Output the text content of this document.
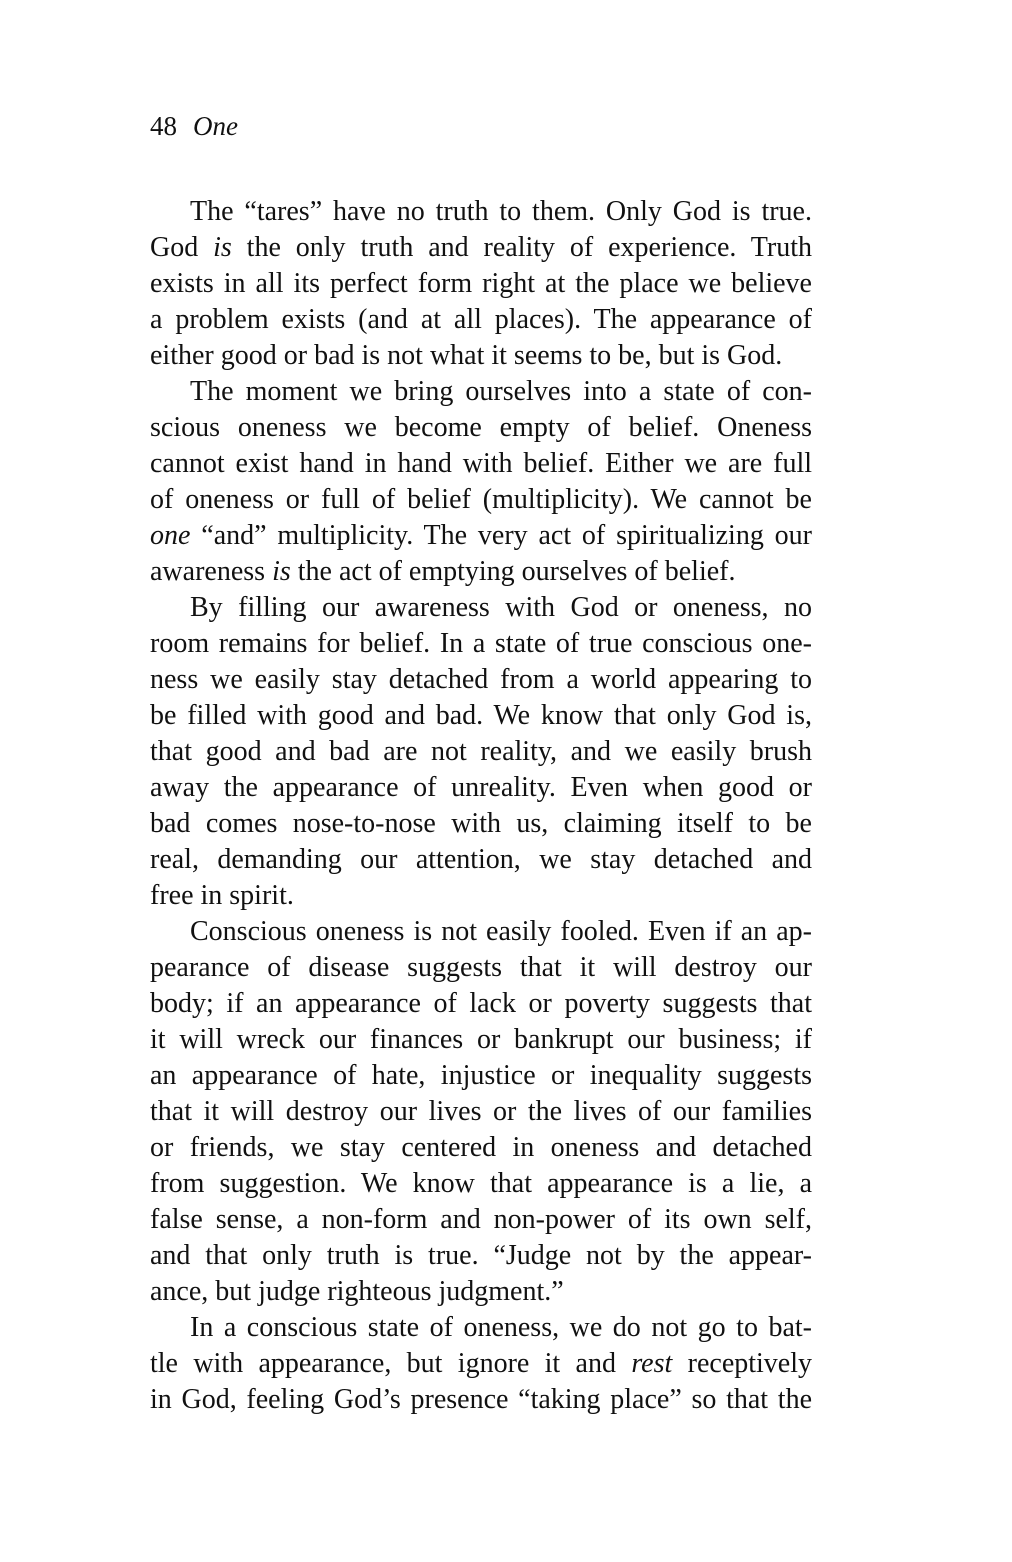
48 One
The “tares” have no truth to them. Only God is true.
God is the only truth and reality of experience. Truth
exists in all its perfect form right at the place we believe
a problem exists (and at all places). The appearance of
either good or bad is not what it seems to be, but is God.
The moment we bring ourselves into a state of con-
scious oneness we become empty of belief. Oneness
cannot exist hand in hand with belief. Either we are full
of oneness or full of belief (multiplicity). We cannot be
one “and” multiplicity. The very act of spiritualizing our
awareness is the act of emptying ourselves of belief.
By filling our awareness with God or oneness, no
room remains for belief. In a state of true conscious one-
ness we easily stay detached from a world appearing to
be filled with good and bad. We know that only God is,
that good and bad are not reality, and we easily brush
away the appearance of unreality. Even when good or
bad comes nose-to-nose with us, claiming itself to be
real, demanding our attention, we stay detached and
free in spirit.
Conscious oneness is not easily fooled. Even if an ap-
pearance of disease suggests that it will destroy our
body; if an appearance of lack or poverty suggests that
it will wreck our finances or bankrupt our business; if
an appearance of hate, injustice or inequality suggests
that it will destroy our lives or the lives of our families
or friends, we stay centered in oneness and detached
from suggestion. We know that appearance is a lie, a
false sense, a non-form and non-power of its own self,
and that only truth is true. “Judge not by the appear-
ance, but judge righteous judgment.”
In a conscious state of oneness, we do not go to bat-
tle with appearance, but ignore it and rest receptively
in God, feeling God’s presence “taking place” so that the
